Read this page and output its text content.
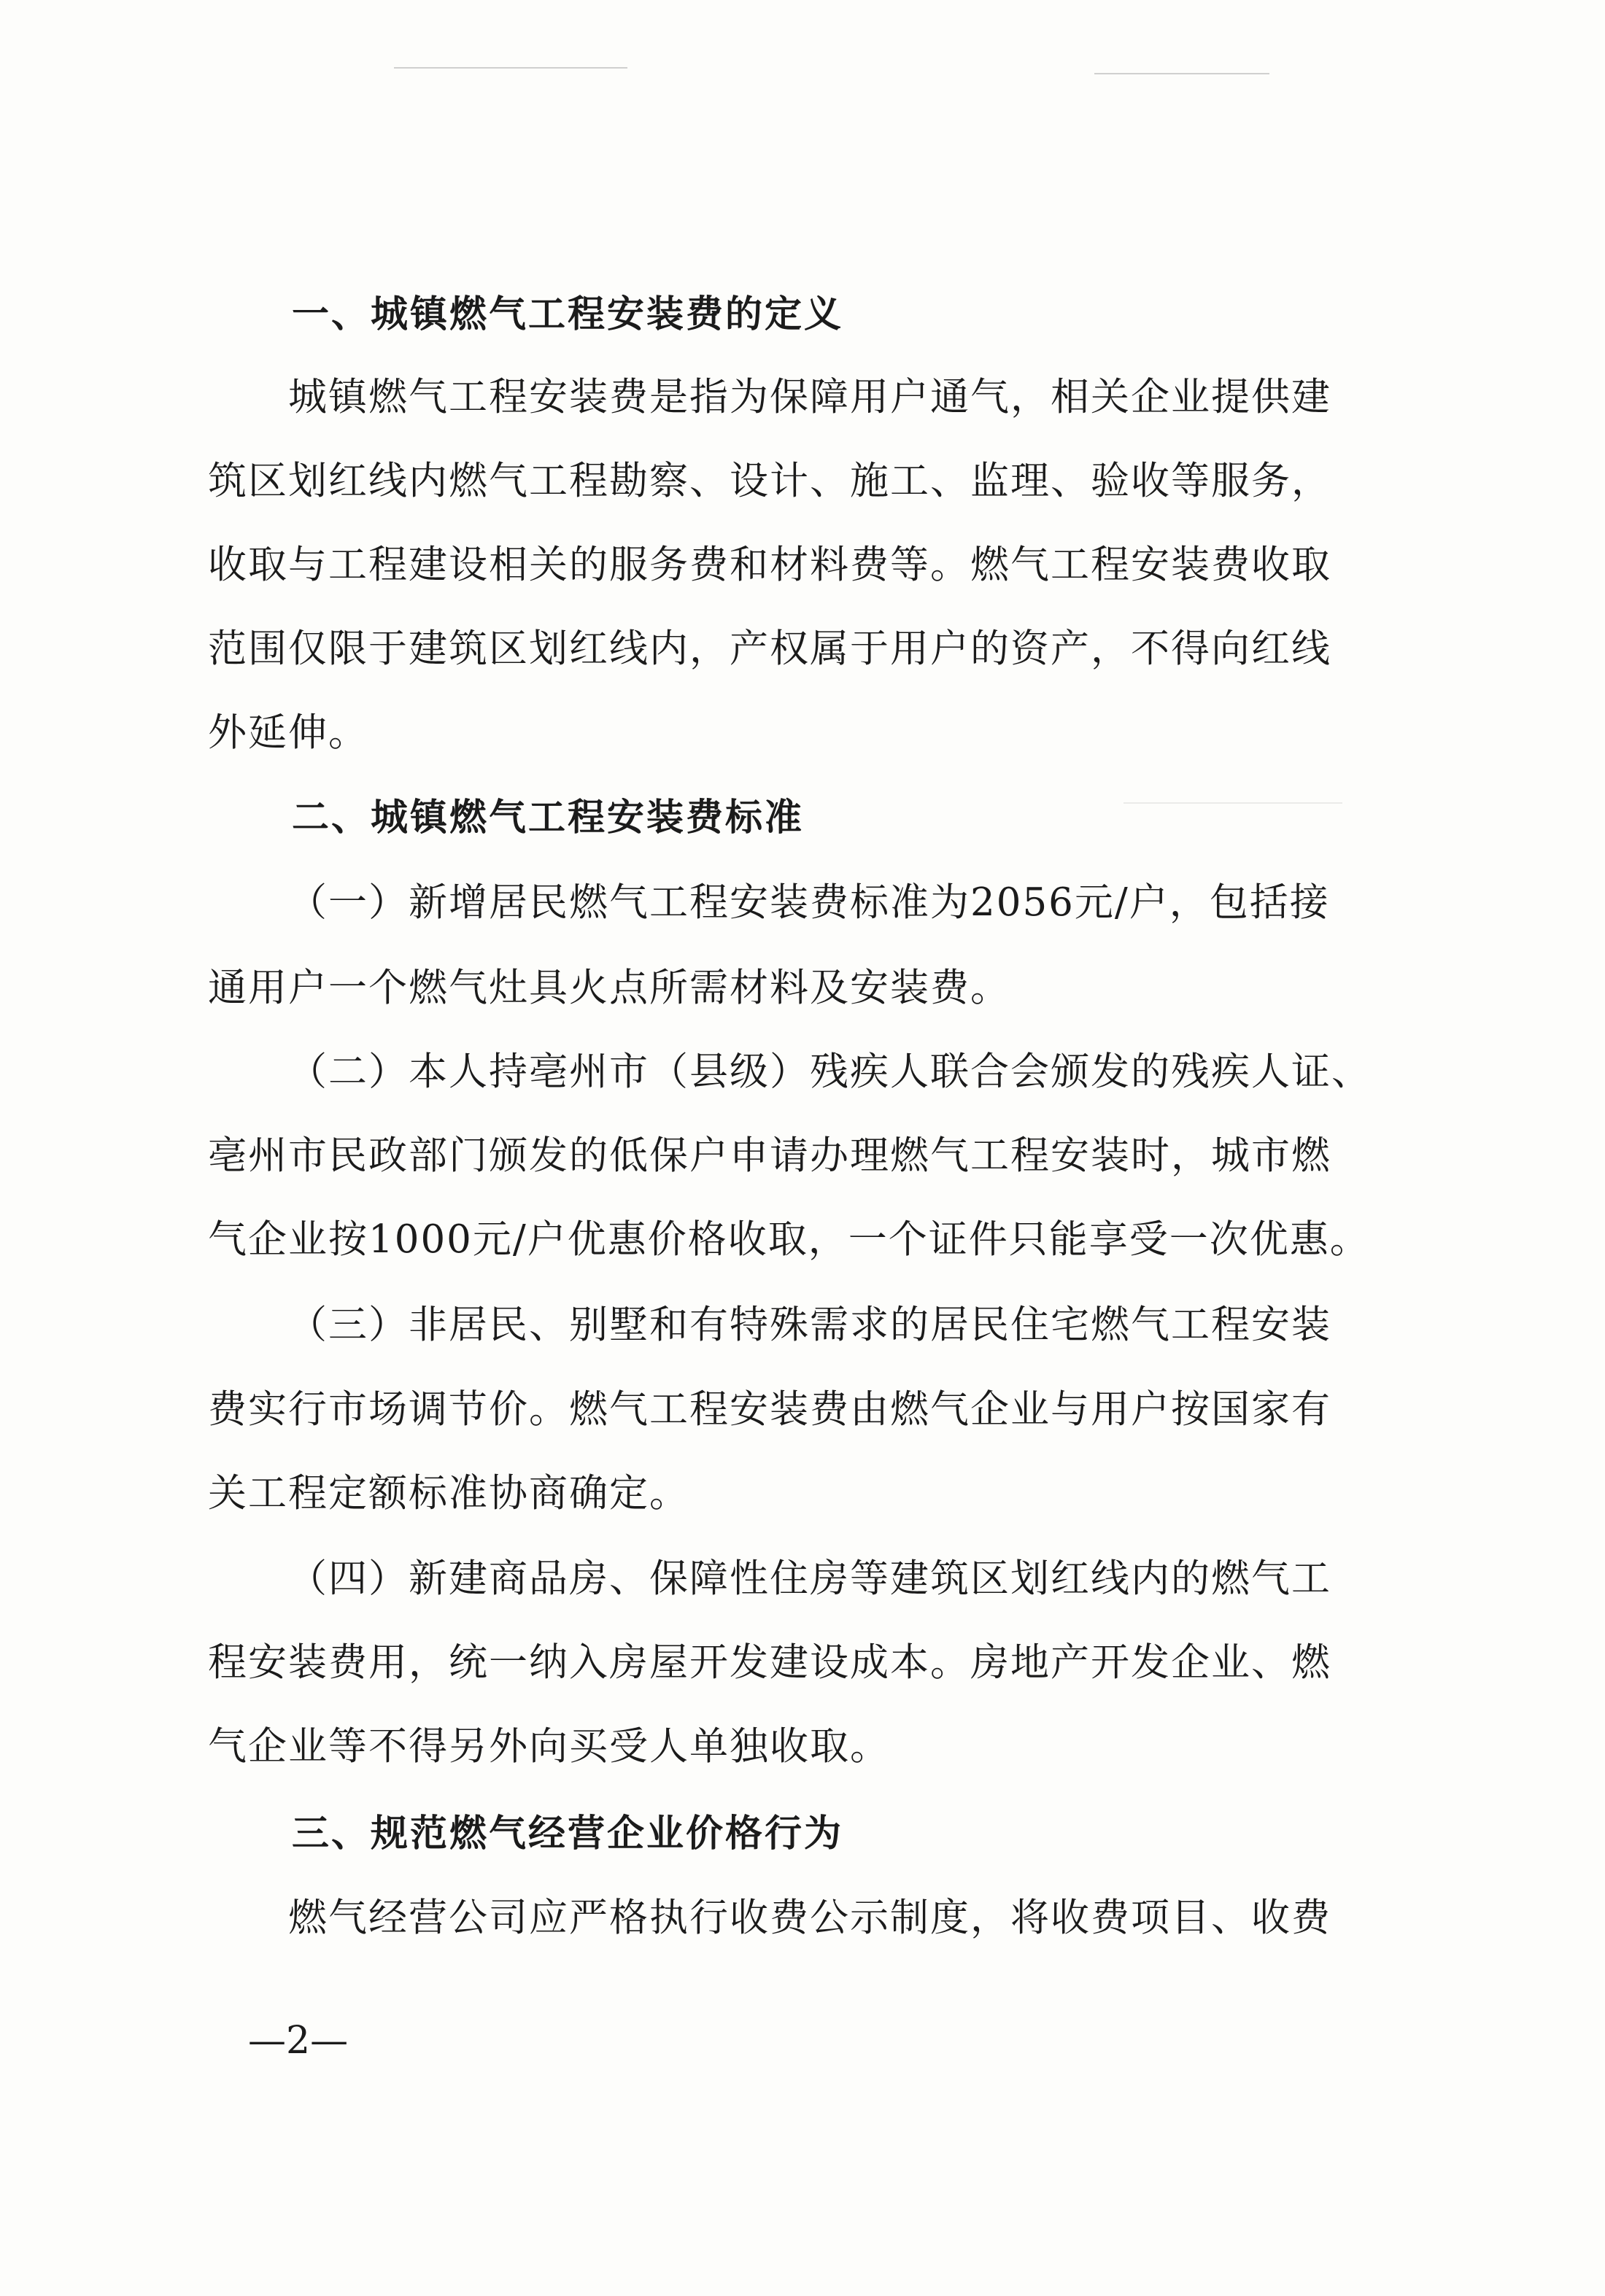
一、城镇燃气工程安装费的定义
城镇燃气工程安装费是指为保障用户通气，相关企业提供建
筑区划红线内燃气工程勘察、设计、施工、监理、验收等服务，
收取与工程建设相关的服务费和材料费等。燃气工程安装费收取
范围仅限于建筑区划红线内，产权属于用户的资产，不得向红线
外延伸。
二、城镇燃气工程安装费标准
（一）新增居民燃气工程安装费标准为2056元/户，包括接
通用户一个燃气灶具火点所需材料及安装费。
（二）本人持亳州市（县级）残疾人联合会颁发的残疾人证、
亳州市民政部门颁发的低保户申请办理燃气工程安装时，城市燃
气企业按1000元/户优惠价格收取，一个证件只能享受一次优惠。
（三）非居民、别墅和有特殊需求的居民住宅燃气工程安装
费实行市场调节价。燃气工程安装费由燃气企业与用户按国家有
关工程定额标准协商确定。
（四）新建商品房、保障性住房等建筑区划红线内的燃气工
程安装费用，统一纳入房屋开发建设成本。房地产开发企业、燃
气企业等不得另外向买受人单独收取。
三、规范燃气经营企业价格行为
燃气经营公司应严格执行收费公示制度，将收费项目、收费
—2—
